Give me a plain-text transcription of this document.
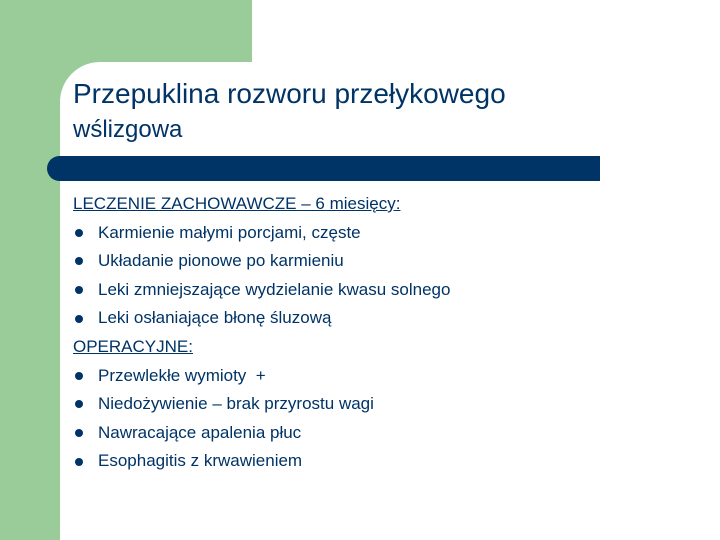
Przepuklina rozworu przełykowego
wślizgowa
LECZENIE ZACHOWAWCZE – 6 miesięcy:
Karmienie małymi porcjami, częste
Układanie pionowe po karmieniu
Leki zmniejszające wydzielanie kwasu solnego
Leki osłaniające błonę śluzową
OPERACYJNE:
Przewlekłe wymioty  +
Niedożywienie – brak przyrostu wagi
Nawracające apalenia płuc
Esophagitis z krwawieniem
